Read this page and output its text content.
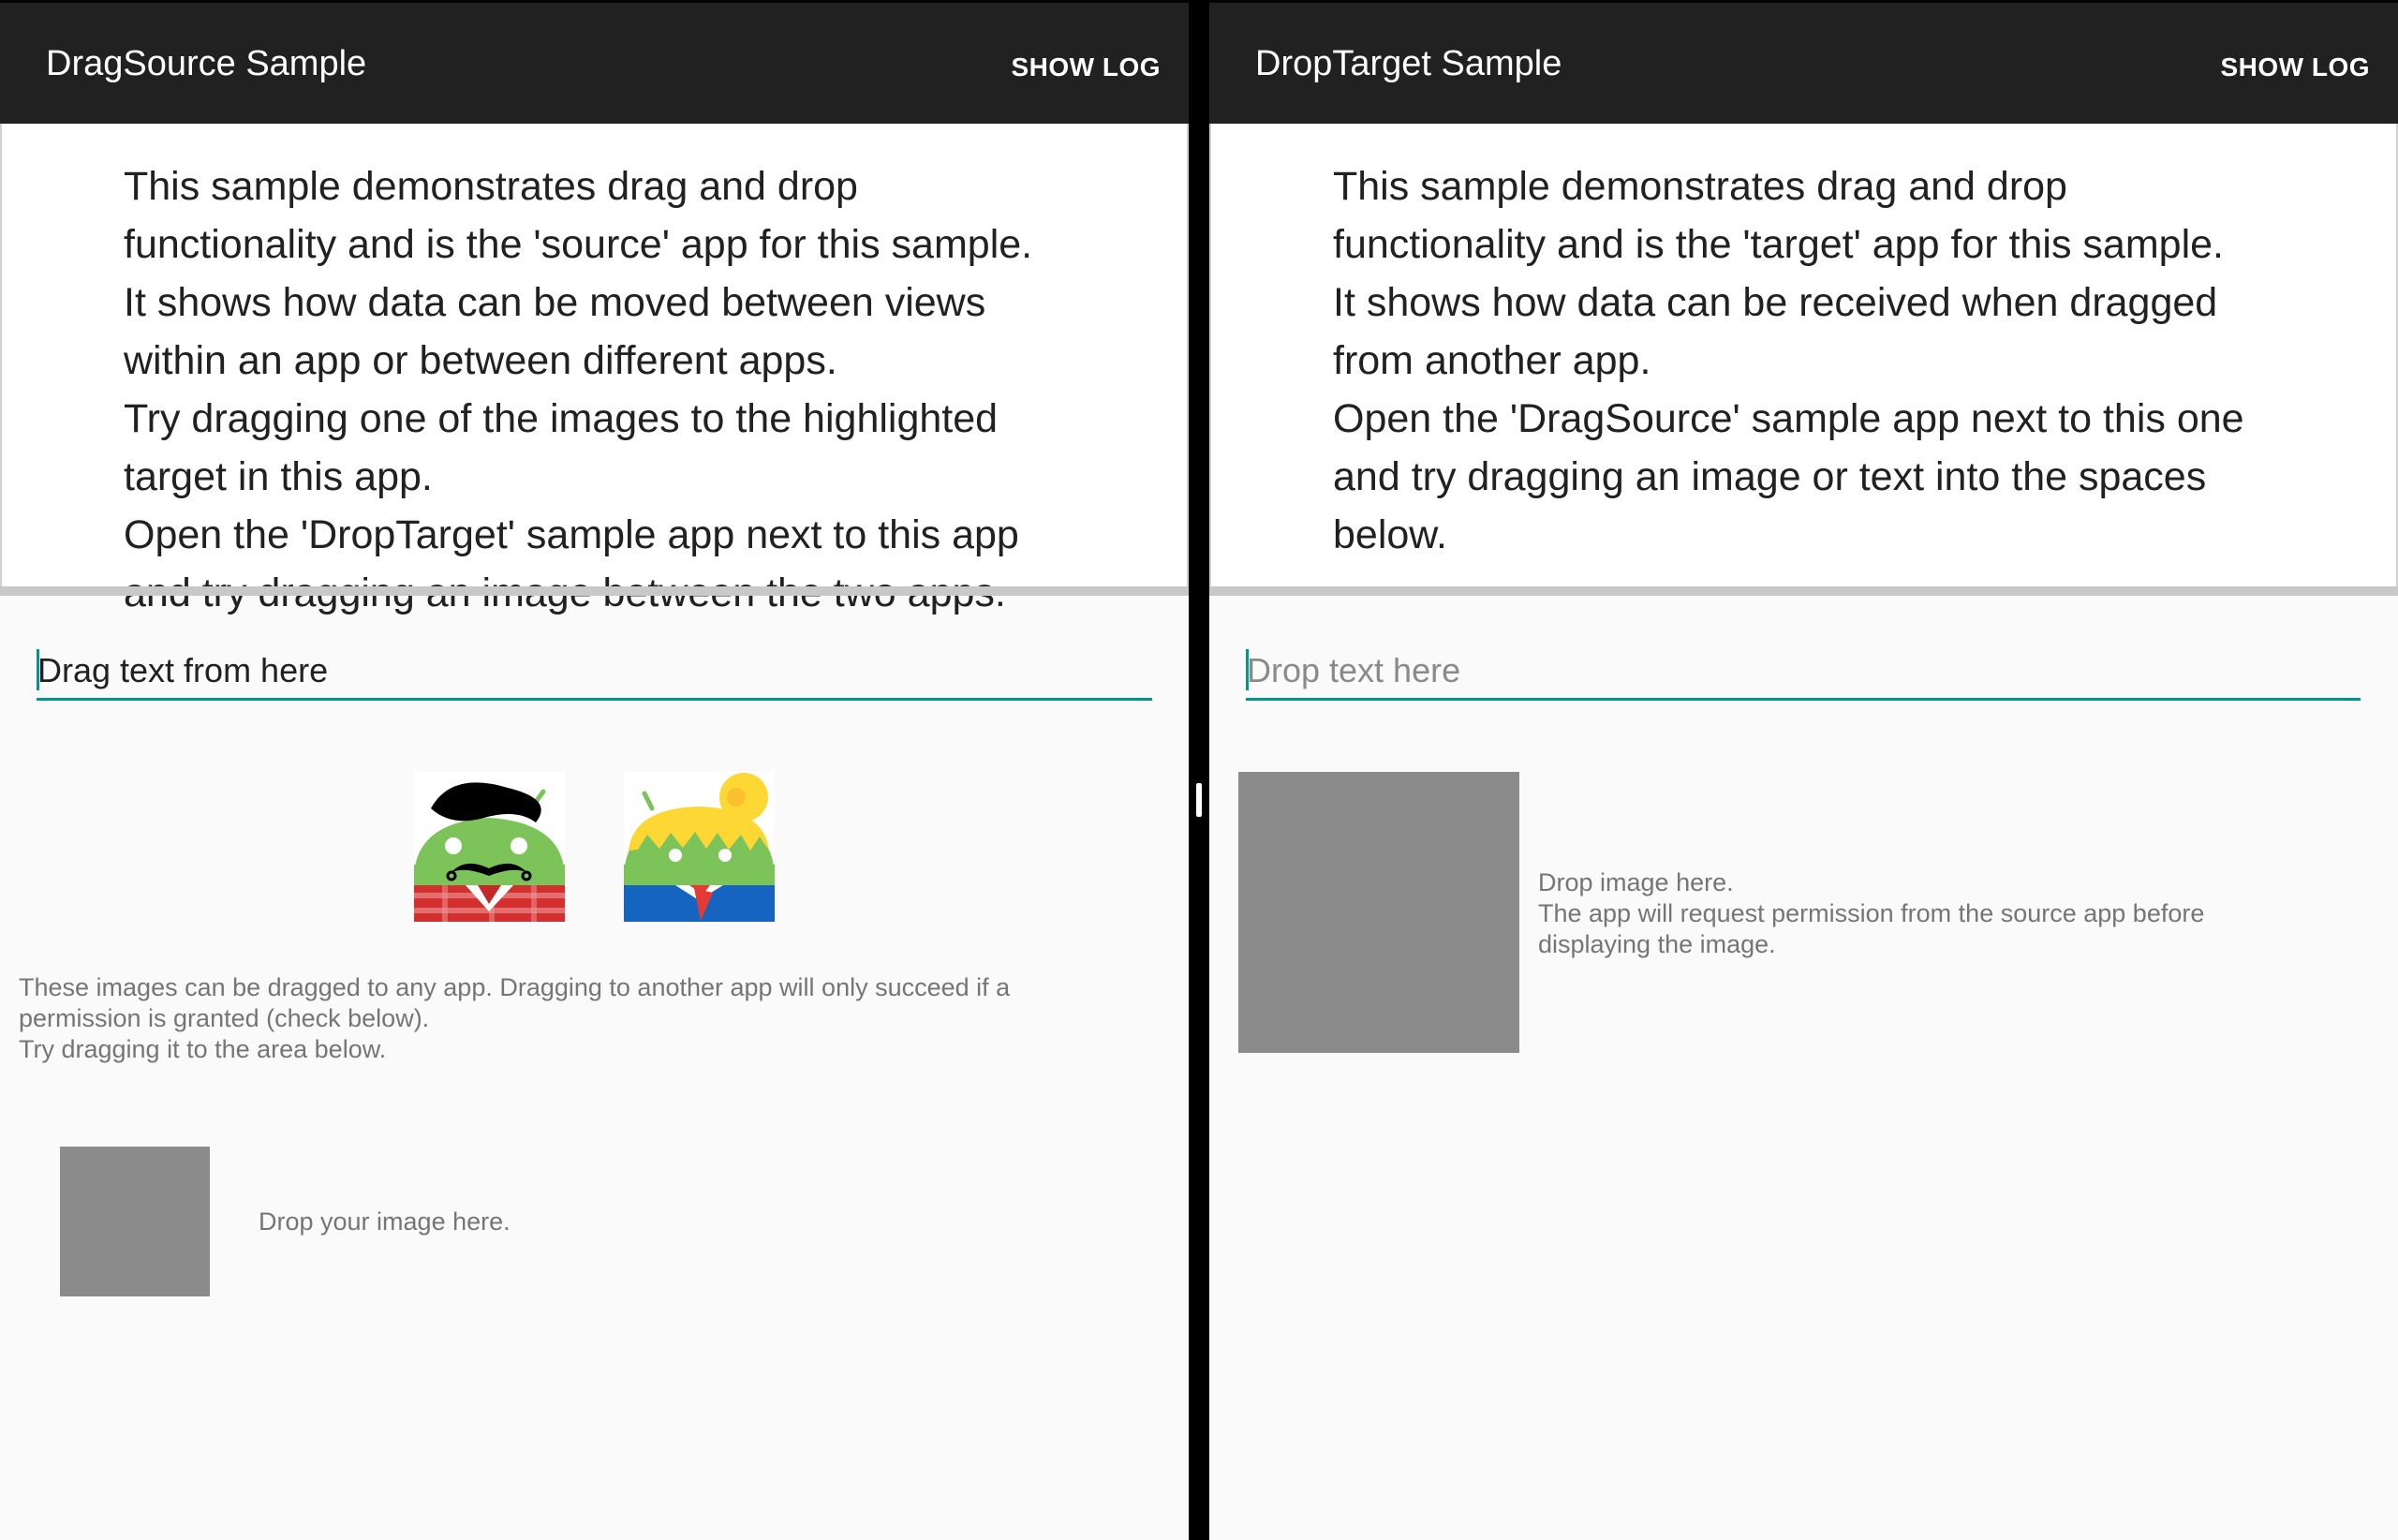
DragSource Sample	SHOW LOG

This sample demonstrates drag and drop

functionality and is the 'source' app for this sample.

It shows how data can be moved between views

within an app or between different apps.

Try dragging one of the images to the highlighted

target in this app.

Open the 'DropTarget' sample app next to this app

Drag text from here

These images can be dragged to any app. Dragging to another app will only succeed if a

permission is granted (check below).

Try dragging it to the area below.

Drop your image here.
DropTarget Sample	SHOW LOG

This sample demonstrates drag and drop

functionality and is the 'target' app for this sample.

It shows how data can be received when dragged

from another app.

Open the 'DragSource' sample app next to this one

and try dragging an image or text into the spaces

below.

Drop text here

Drop image here.

The app will request permission from the source app before

displaying the image.
